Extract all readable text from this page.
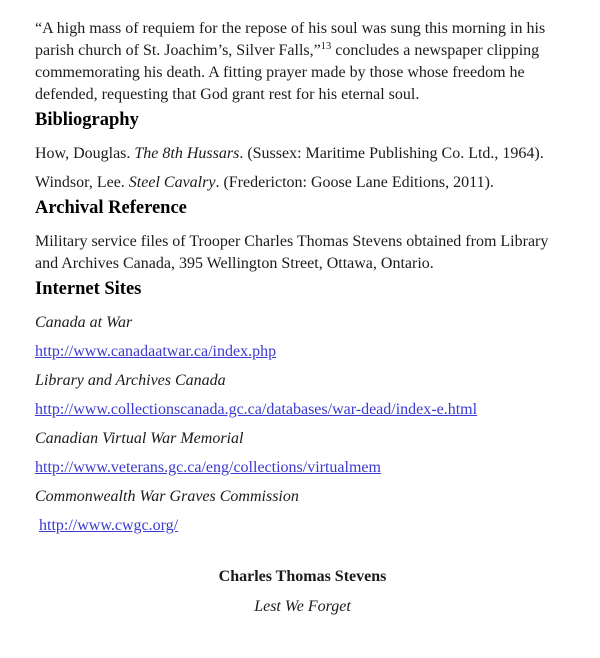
“A high mass of requiem for the repose of his soul was sung this morning in his parish church of St. Joachim’s, Silver Falls,”$^{13}$ concludes a newspaper clipping commemorating his death. A fitting prayer made by those whose freedom he defended, requesting that God grant rest for his eternal soul.

Bibliography

How, Douglas. The 8th Hussars. (Sussex: Maritime Publishing Co. Ltd., 1964).

Windsor, Lee. Steel Cavalry. (Fredericton: Goose Lane Editions, 2011).

Archival Reference

Military service files of Trooper Charles Thomas Stevens obtained from Library and Archives Canada, 395 Wellington Street, Ottawa, Ontario.

Internet Sites

Canada at War

http://www.canadaatwar.ca/index.php

Library and Archives Canada

http://www.collectionscanada.gc.ca/databases/war-dead/index-e.html

Canadian Virtual War Memorial

http://www.veterans.gc.ca/eng/collections/virtualmem

Commonwealth War Graves Commission

http://www.cwgc.org/

Charles Thomas Stevens

Lest We Forget
